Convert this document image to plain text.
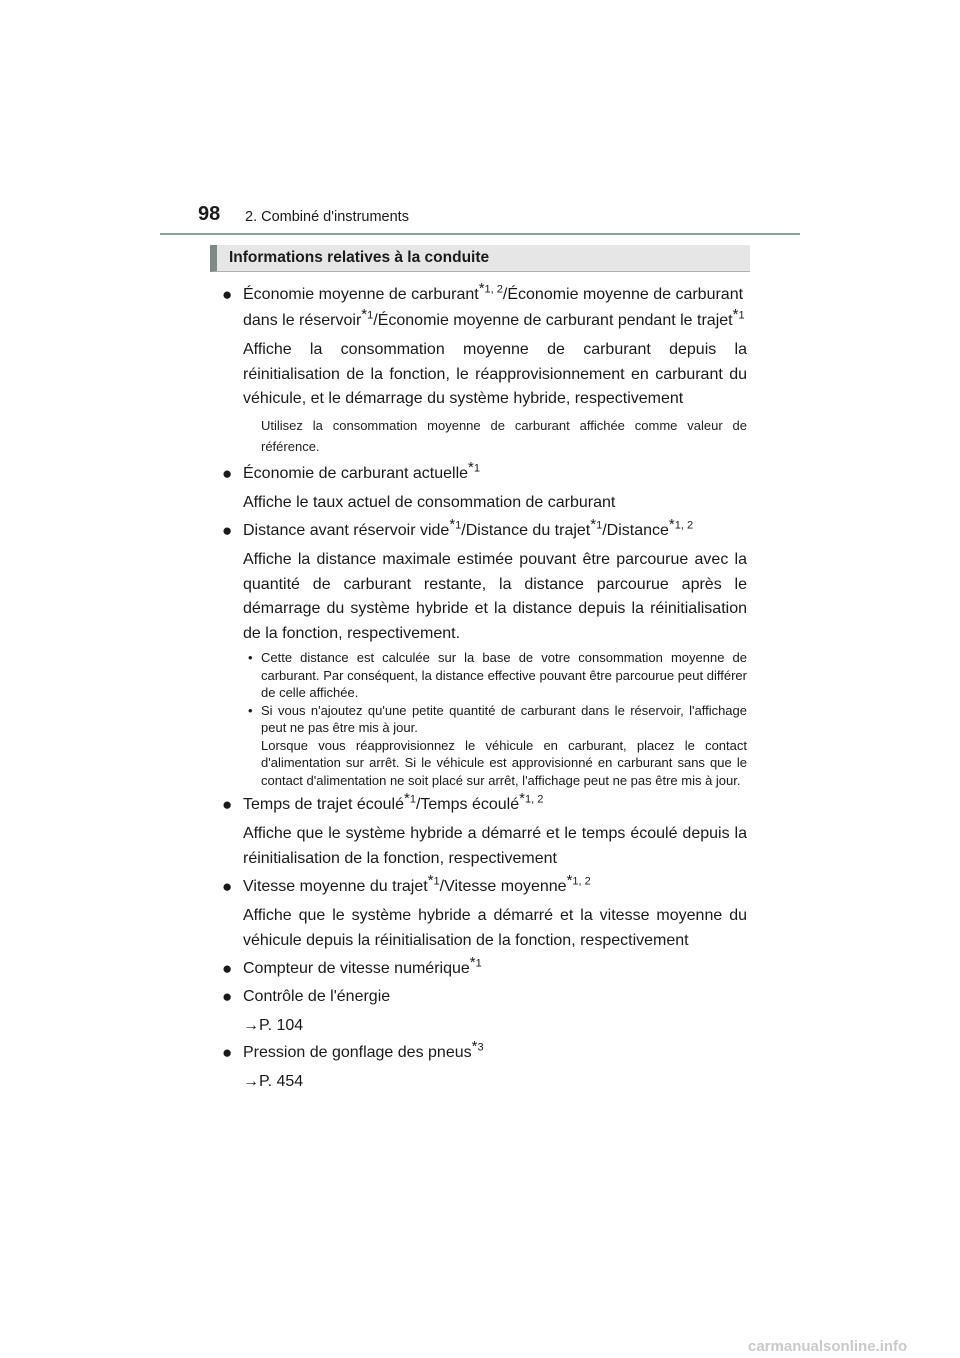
98 2. Combiné d'instruments
Informations relatives à la conduite
● Économie moyenne de carburant$^{*1, 2}$/Économie moyenne de carburant dans le réservoir$^{*1}$/Économie moyenne de carburant pendant le trajet$^{*1}$
Affiche la consommation moyenne de carburant depuis la réinitialisation de la fonction, le réapprovisionnement en carburant du véhicule, et le démarrage du système hybride, respectivement
Utilisez la consommation moyenne de carburant affichée comme valeur de référence.
● Économie de carburant actuelle$^{*1}$
Affiche le taux actuel de consommation de carburant
● Distance avant réservoir vide$^{*1}$/Distance du trajet$^{*1}$/Distance$^{*1, 2}$
Affiche la distance maximale estimée pouvant être parcourue avec la quantité de carburant restante, la distance parcourue après le démarrage du système hybride et la distance depuis la réinitialisation de la fonction, respectivement.
• Cette distance est calculée sur la base de votre consommation moyenne de carburant. Par conséquent, la distance effective pouvant être parcourue peut différer de celle affichée.
• Si vous n'ajoutez qu'une petite quantité de carburant dans le réservoir, l'affichage peut ne pas être mis à jour.
Lorsque vous réapprovisionnez le véhicule en carburant, placez le contact d'alimentation sur arrêt. Si le véhicule est approvisionné en carburant sans que le contact d'alimentation ne soit placé sur arrêt, l'affichage peut ne pas être mis à jour.
● Temps de trajet écoulé$^{*1}$/Temps écoulé$^{*1, 2}$
Affiche que le système hybride a démarré et le temps écoulé depuis la réinitialisation de la fonction, respectivement
● Vitesse moyenne du trajet$^{*1}$/Vitesse moyenne$^{*1, 2}$
Affiche que le système hybride a démarré et la vitesse moyenne du véhicule depuis la réinitialisation de la fonction, respectivement
● Compteur de vitesse numérique$^{*1}$
● Contrôle de l'énergie
→P. 104
● Pression de gonflage des pneus$^{*3}$
→P. 454
carmanualsonline.info
